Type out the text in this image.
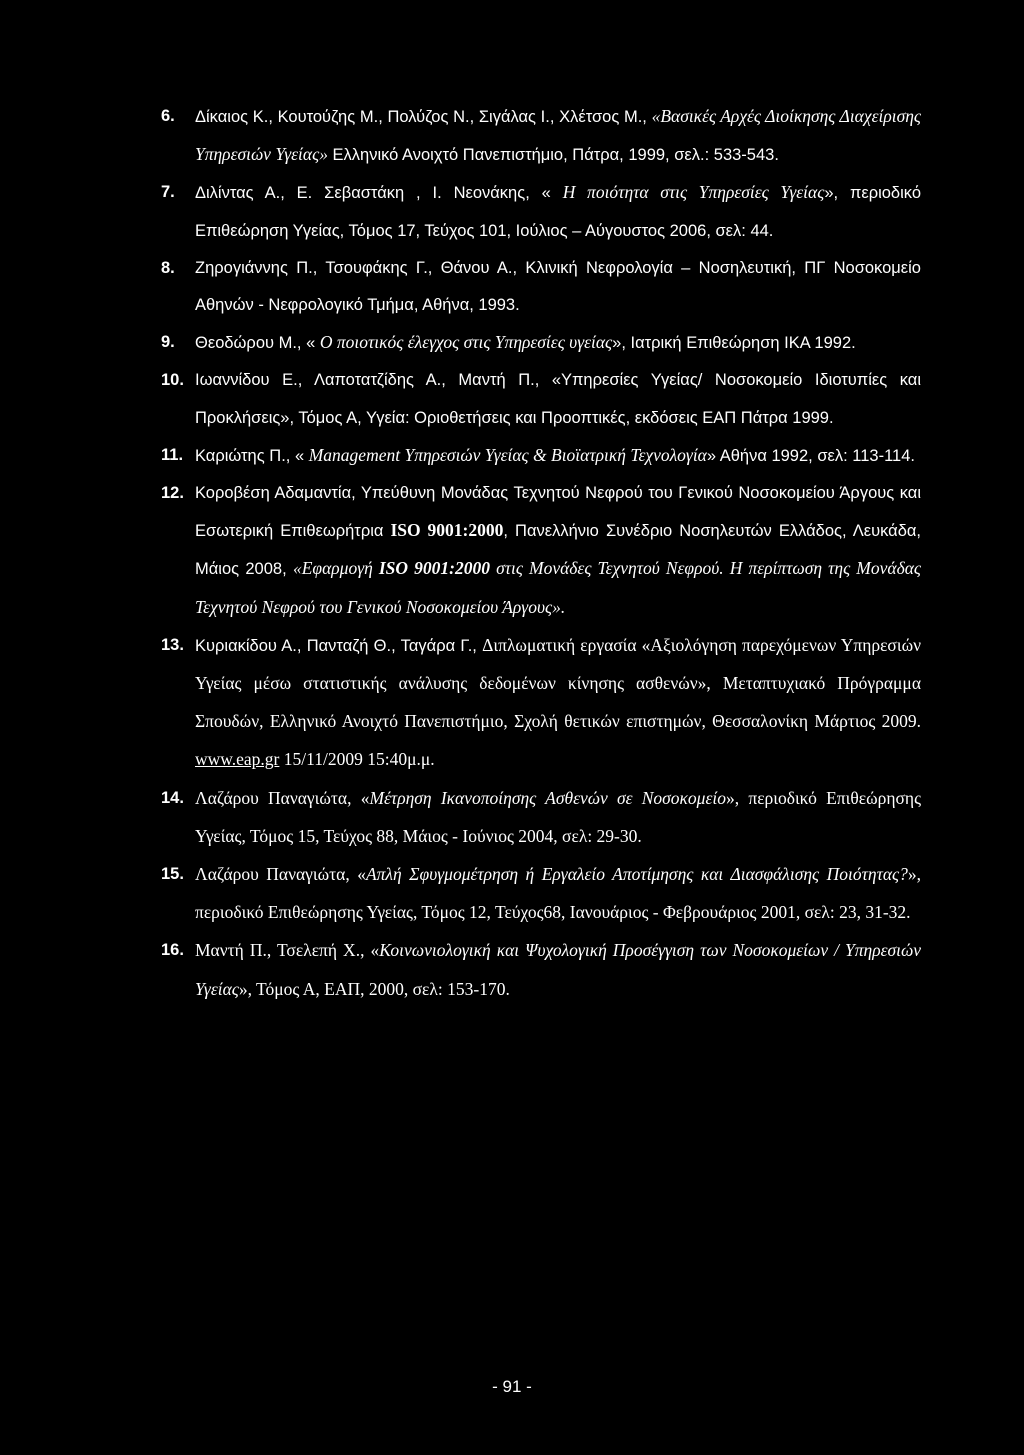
6. Δίκαιος Κ., Κουτούζης Μ., Πολύζος Ν., Σιγάλας Ι., Χλέτσος Μ., «Βασικές Αρχές Διοίκησης Διαχείρισης Υπηρεσιών Υγείας» Ελληνικό Ανοιχτό Πανεπιστήμιο, Πάτρα, 1999, σελ.: 533-543.
7. Διλίντας Α., Ε. Σεβαστάκη , Ι. Νεονάκης, « Η ποιότητα στις Υπηρεσίες Υγείας», περιοδικό Επιθεώρηση Υγείας, Τόμος 17, Τεύχος 101, Ιούλιος – Αύγουστος 2006, σελ: 44.
8. Ζηρογιάννης Π., Τσουφάκης Γ., Θάνου Α., Κλινική Νεφρολογία – Νοσηλευτική, ΠΓ Νοσοκομείο Αθηνών - Νεφρολογικό Τμήμα, Αθήνα, 1993.
9. Θεοδώρου Μ., « Ο ποιοτικός έλεγχος στις Υπηρεσίες υγείας», Ιατρική Επιθεώρηση ΙΚΑ 1992.
10. Ιωαννίδου Ε., Λαποτατζίδης Α., Μαντή Π., «Υπηρεσίες Υγείας/ Νοσοκομείο Ιδιοτυπίες και Προκλήσεις», Τόμος Α, Υγεία: Οριοθετήσεις και Προοπτικές, εκδόσεις ΕΑΠ Πάτρα 1999.
11. Καριώτης Π., « Management Υπηρεσιών Υγείας & Βιοϊατρική Τεχνολογία» Αθήνα 1992, σελ: 113-114.
12. Κοροβέση Αδαμαντία, Υπεύθυνη Μονάδας Τεχνητού Νεφρού του Γενικού Νοσοκομείου Άργους και Εσωτερική Επιθεωρήτρια ISO 9001:2000, Πανελλήνιο Συνέδριο Νοσηλευτών Ελλάδος, Λευκάδα, Μάιος 2008, «Εφαρμογή ISO 9001:2000 στις Μονάδες Τεχνητού Νεφρού. Η περίπτωση της Μονάδας Τεχνητού Νεφρού του Γενικού Νοσοκομείου Άργους».
13. Κυριακίδου Α., Πανταζή Θ., Ταγάρα Γ., Διπλωματική εργασία «Αξιολόγηση παρεχόμενων Υπηρεσιών Υγείας μέσω στατιστικής ανάλυσης δεδομένων κίνησης ασθενών», Μεταπτυχιακό Πρόγραμμα Σπουδών, Ελληνικό Ανοιχτό Πανεπιστήμιο, Σχολή θετικών επιστημών, Θεσσαλονίκη Μάρτιος 2009. www.eap.gr 15/11/2009 15:40μ.μ.
14. Λαζάρου Παναγιώτα, «Μέτρηση Ικανοποίησης Ασθενών σε Νοσοκομείο», περιοδικό Επιθεώρησης Υγείας, Τόμος 15, Τεύχος 88, Μάιος - Ιούνιος 2004, σελ: 29-30.
15. Λαζάρου Παναγιώτα, «Απλή Σφυγμομέτρηση ή Εργαλείο Αποτίμησης και Διασφάλισης Ποιότητας?», περιοδικό Επιθεώρησης Υγείας, Τόμος 12, Τεύχος68, Ιανουάριος - Φεβρουάριος 2001, σελ: 23, 31-32.
16. Μαντή Π., Τσελεπή Χ., «Κοινωνιολογική και Ψυχολογική Προσέγγιση των Νοσοκομείων / Υπηρεσιών Υγείας», Τόμος Α, ΕΑΠ, 2000, σελ: 153-170.
- 91 -
